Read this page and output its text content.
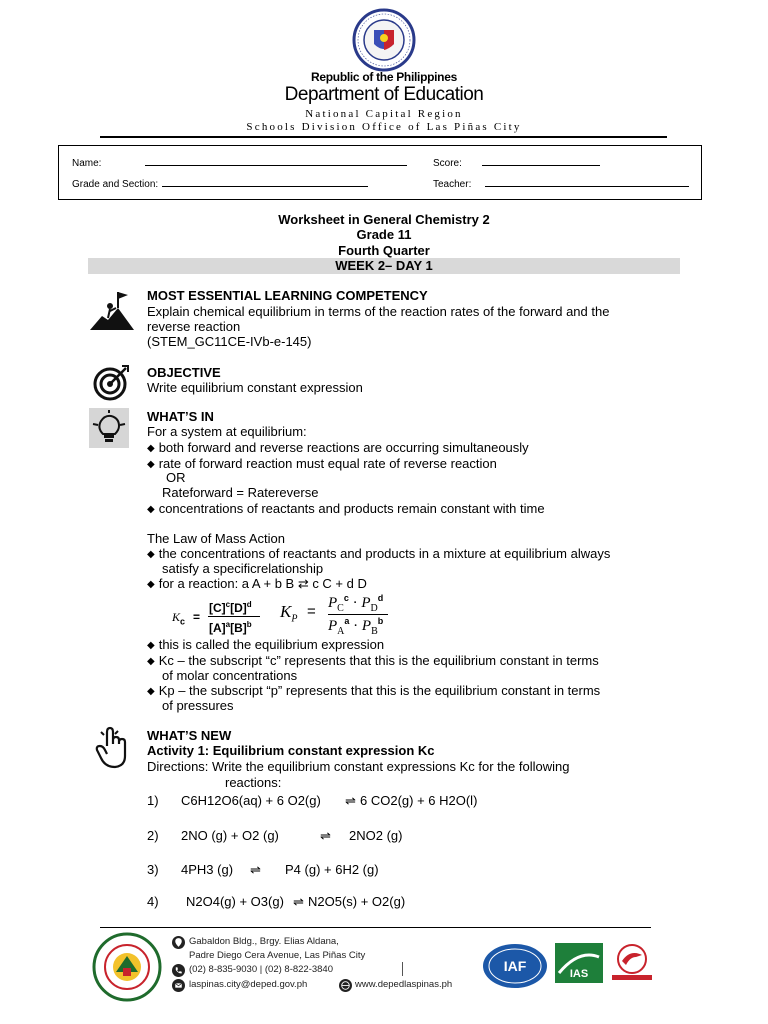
Republic of the Philippines
Department of Education
National Capital Region
Schools Division Office of Las Piñas City
Name:	Score:
Grade and Section:	Teacher:
Worksheet in General Chemistry 2
Grade 11
Fourth Quarter
WEEK 2– DAY 1
MOST ESSENTIAL LEARNING COMPETENCY
Explain chemical equilibrium in terms of the reaction rates of the forward and the
reverse reaction
(STEM_GC11CE-IVb-e-145)
OBJECTIVE
Write equilibrium constant expression
WHAT’S IN
For a system at equilibrium:
◆ both forward and reverse reactions are occurring simultaneously
◆ rate of forward reaction must equal rate of reverse reaction
OR
Rateforward = Ratereverse
◆ concentrations of reactants and products remain constant with time
The Law of Mass Action
◆ the concentrations of reactants and products in a mixture at equilibrium always
satisfy a specificrelationship
◆ for a reaction: a A + b B ⇄ c C + d D
$K_c$ =
$[C]^c[D]^d$
$[A]^a[B]^b$
$K_P = P_C^c \cdot P_D^d$
$P_A^a \cdot P_B^b$
◆ this is called the equilibrium expression
◆ Kc – the subscript “c” represents that this is the equilibrium constant in terms
of molar concentrations
◆ Kp – the subscript “p” represents that this is the equilibrium constant in terms
of pressures
WHAT’S NEW
Activity 1: Equilibrium constant expression Kc
Directions: Write the equilibrium constant expressions Kc for the following
reactions:
1) C6H12O6(aq) + 6 O2(g) ⇌ 6 CO2(g) + 6 H2O(l)
2) 2NO (g) + O2 (g)	⇌ 2NO2 (g)
3) 4PH3 (g) ⇌ P4 (g) + 6H2 (g)
4) N2O4(g) + O3(g) ⇌ N2O5(s) + O2(g)
Gabaldon Bldg., Brgy. Elias Aldana,
Padre Diego Cera Avenue, Las Piñas City
(02) 8-835-9030 | (02) 8-822-3840
laspinas.city@deped.gov.ph	www.depedlaspinas.ph
IAF	IAS
